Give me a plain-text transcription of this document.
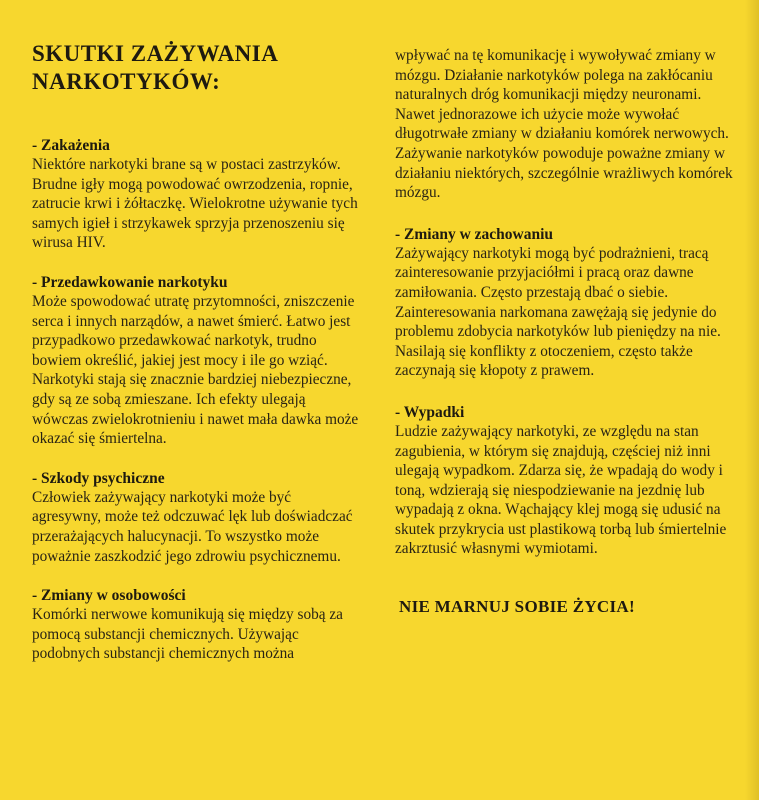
SKUTKI ZAŻYWANIA
NARKOTYKÓW:
- Zakażenia

Niektóre narkotyki brane są w postaci zastrzyków. Brudne igły mogą powodować owrzodzenia, ropnie, zatrucie krwi i żółtaczkę. Wielokrotne używanie tych samych igieł i strzykawek sprzyja przenoszeniu się wirusa HIV.

- Przedawkowanie narkotyku

Może spowodować utratę przytomności, zniszczenie serca i innych narządów, a nawet śmierć. Łatwo jest przypadkowo przedawkować narkotyk, trudno bowiem określić, jakiej jest mocy i ile go wziąć. Narkotyki stają się znacznie bardziej niebezpieczne, gdy są ze sobą zmieszane. Ich efekty ulegają wówczas zwielokrotnieniu i nawet mała dawka może okazać się śmiertelna.

- Szkody psychiczne

Człowiek zażywający narkotyki może być agresywny, może też odczuwać lęk lub doświadczać przerażających halucynacji. To wszystko może poważnie zaszkodzić jego zdrowiu psychicznemu.

- Zmiany w osobowości

Komórki nerwowe komunikują się między sobą za pomocą substancji chemicznych. Używając podobnych substancji chemicznych można

wpływać na tę komunikację i wywoływać zmiany w mózgu. Działanie narkotyków polega na zakłócaniu naturalnych dróg komunikacji między neuronami. Nawet jednorazowe ich użycie może wywołać długotrwałe zmiany w działaniu komórek nerwowych. Zażywanie narkotyków powoduje poważne zmiany w działaniu niektórych, szczególnie wrażliwych komórek mózgu.

- Zmiany w zachowaniu

Zażywający narkotyki mogą być podrażnieni, tracą zainteresowanie przyjaciółmi i pracą oraz dawne zamiłowania. Często przestają dbać o siebie. Zainteresowania narkomana zawężają się jedynie do problemu zdobycia narkotyków lub pieniędzy na nie. Nasilają się konflikty z otoczeniem, często także zaczynają się kłopoty z prawem.

- Wypadki

Ludzie zażywający narkotyki, ze względu na stan zagubienia, w którym się znajdują, częściej niż inni ulegają wypadkom. Zdarza się, że wpadają do wody i toną, wdzierają się niespodziewanie na jezdnię lub wypadają z okna. Wąchający klej mogą się udusić na skutek przykrycia ust plastikową torbą lub śmiertelnie zakrztusić własnymi wymiotami.

NIE MARNUJ SOBIE ŻYCIA!
